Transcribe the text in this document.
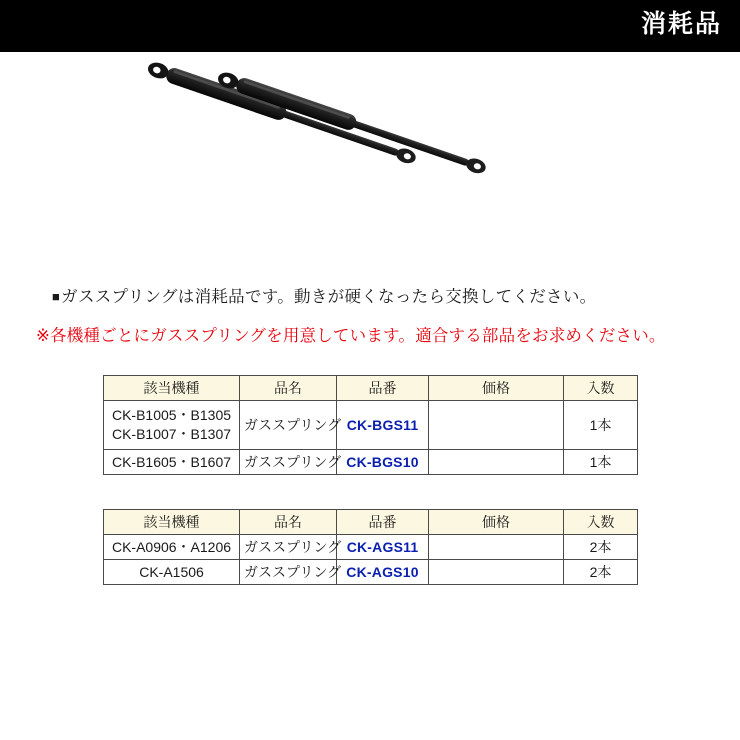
消耗品
■ガススプリングは消耗品です。動きが硬くなったら交換してください。
※各機種ごとにガススプリングを用意しています。適合する部品をお求めください。
該当機種	品名	品番	価格	入数

CK-B1005・B1305
CK-B1007・B1307	ガススプリング	CK-BGS11		1本
CK-B1605・B1607	ガススプリング	CK-BGS10		1本
該当機種	品名	品番	価格	入数
CK-A0906・A1206	ガススプリング	CK-AGS11		2本
CK-A1506	ガススプリング	CK-AGS10		2本
